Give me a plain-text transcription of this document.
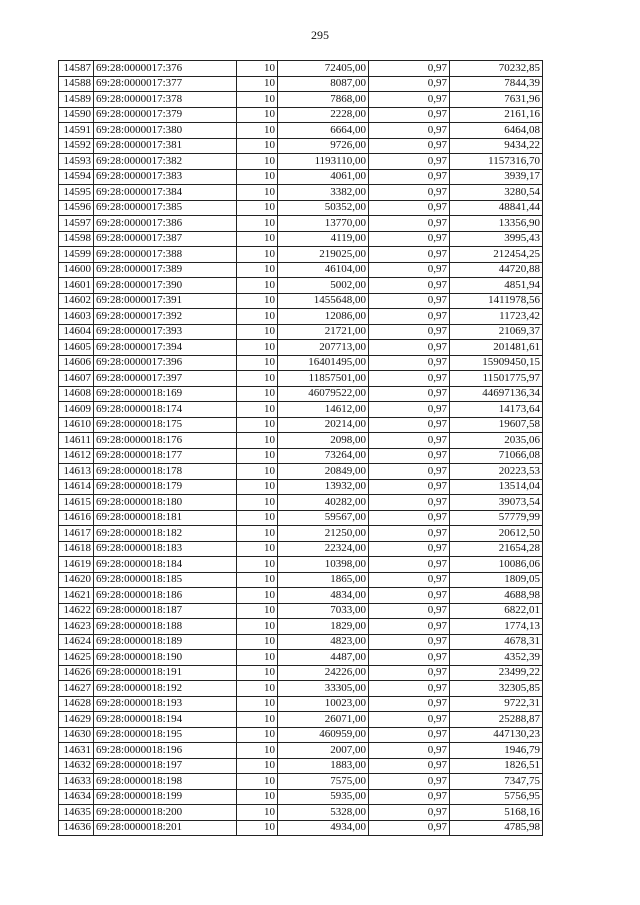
295
14587	69:28:0000017:376	10	72405,00	0,97	70232,85
14588	69:28:0000017:377	10	8087,00	0,97	7844,39
14589	69:28:0000017:378	10	7868,00	0,97	7631,96
14590	69:28:0000017:379	10	2228,00	0,97	2161,16
14591	69:28:0000017:380	10	6664,00	0,97	6464,08
14592	69:28:0000017:381	10	9726,00	0,97	9434,22
14593	69:28:0000017:382	10	1193110,00	0,97	1157316,70
14594	69:28:0000017:383	10	4061,00	0,97	3939,17
14595	69:28:0000017:384	10	3382,00	0,97	3280,54
14596	69:28:0000017:385	10	50352,00	0,97	48841,44
14597	69:28:0000017:386	10	13770,00	0,97	13356,90
14598	69:28:0000017:387	10	4119,00	0,97	3995,43
14599	69:28:0000017:388	10	219025,00	0,97	212454,25
14600	69:28:0000017:389	10	46104,00	0,97	44720,88
14601	69:28:0000017:390	10	5002,00	0,97	4851,94
14602	69:28:0000017:391	10	1455648,00	0,97	1411978,56
14603	69:28:0000017:392	10	12086,00	0,97	11723,42
14604	69:28:0000017:393	10	21721,00	0,97	21069,37
14605	69:28:0000017:394	10	207713,00	0,97	201481,61
14606	69:28:0000017:396	10	16401495,00	0,97	15909450,15
14607	69:28:0000017:397	10	11857501,00	0,97	11501775,97
14608	69:28:0000018:169	10	46079522,00	0,97	44697136,34
14609	69:28:0000018:174	10	14612,00	0,97	14173,64
14610	69:28:0000018:175	10	20214,00	0,97	19607,58
14611	69:28:0000018:176	10	2098,00	0,97	2035,06
14612	69:28:0000018:177	10	73264,00	0,97	71066,08
14613	69:28:0000018:178	10	20849,00	0,97	20223,53
14614	69:28:0000018:179	10	13932,00	0,97	13514,04
14615	69:28:0000018:180	10	40282,00	0,97	39073,54
14616	69:28:0000018:181	10	59567,00	0,97	57779,99
14617	69:28:0000018:182	10	21250,00	0,97	20612,50
14618	69:28:0000018:183	10	22324,00	0,97	21654,28
14619	69:28:0000018:184	10	10398,00	0,97	10086,06
14620	69:28:0000018:185	10	1865,00	0,97	1809,05
14621	69:28:0000018:186	10	4834,00	0,97	4688,98
14622	69:28:0000018:187	10	7033,00	0,97	6822,01
14623	69:28:0000018:188	10	1829,00	0,97	1774,13
14624	69:28:0000018:189	10	4823,00	0,97	4678,31
14625	69:28:0000018:190	10	4487,00	0,97	4352,39
14626	69:28:0000018:191	10	24226,00	0,97	23499,22
14627	69:28:0000018:192	10	33305,00	0,97	32305,85
14628	69:28:0000018:193	10	10023,00	0,97	9722,31
14629	69:28:0000018:194	10	26071,00	0,97	25288,87
14630	69:28:0000018:195	10	460959,00	0,97	447130,23
14631	69:28:0000018:196	10	2007,00	0,97	1946,79
14632	69:28:0000018:197	10	1883,00	0,97	1826,51
14633	69:28:0000018:198	10	7575,00	0,97	7347,75
14634	69:28:0000018:199	10	5935,00	0,97	5756,95
14635	69:28:0000018:200	10	5328,00	0,97	5168,16
14636	69:28:0000018:201	10	4934,00	0,97	4785,98
